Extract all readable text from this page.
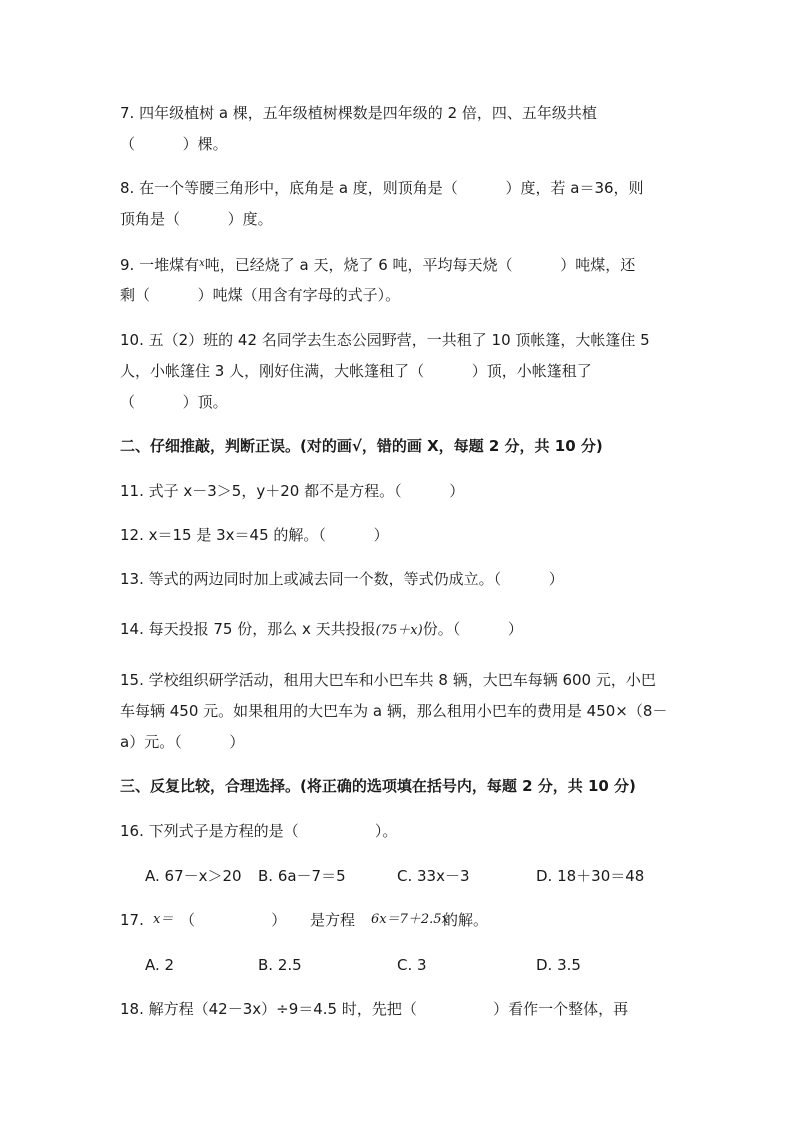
7. 四年级植树 a 棵，五年级植树棵数是四年级的 2 倍，四、五年级共植

（          ）棵。

8. 在一个等腰三角形中，底角是 a 度，则顶角是（          ）度，若 a＝36，则

顶角是（          ）度。

9. 一堆煤有$^x$吨，已经烧了 a 天，烧了 6 吨，平均每天烧（          ）吨煤，还

剩（          ）吨煤（用含有字母的式子）。

10. 五（2）班的 42 名同学去生态公园野营，一共租了 10 顶帐篷，大帐篷住 5

人，小帐篷住 3 人，刚好住满，大帐篷租了（          ）顶，小帐篷租了

（          ）顶。

二、仔细推敲，判断正误。(对的画√，错的画 X，每题 2 分，共 10 分)

11. 式子 x－3＞5，y＋20 都不是方程。（          ）

12. x＝15 是 3x＝45 的解。（          ）

13. 等式的两边同时加上或减去同一个数，等式仍成立。（          ）

14. 每天投报 75 份，那么 x 天共投报(75＋x)份。（          ）

15. 学校组织研学活动，租用大巴车和小巴车共 8 辆，大巴车每辆 600 元，小巴

车每辆 450 元。如果租用的大巴车为 a 辆，那么租用小巴车的费用是 450×（8－

a）元。（          ）

三、反复比较，合理选择。(将正确的选项填在括号内，每题 2 分，共 10 分)

16. 下列式子是方程的是（                ）。

A. 67－x＞20 B. 6a－7＝5	C. 33x－3	D. 18＋30＝48

17. x＝ （                ） 是方程 6x＝7＋2.5x

的解。

A. 2	B. 2.5	C. 3	D. 3.5

18. 解方程（42－3x）÷9＝4.5 时，先把（                ）看作一个整体，再
